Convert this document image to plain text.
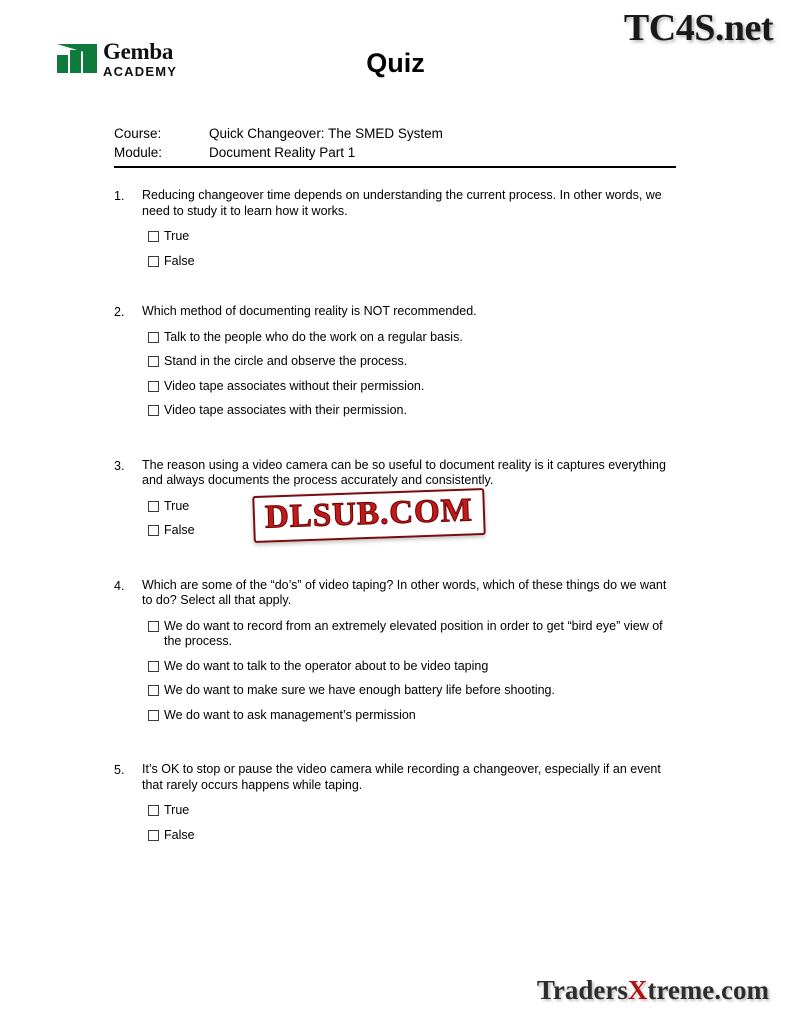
Gemba
ACADEMY	Quiz
TC4S.net
Course:	Quick Changeover: The SMED System
Module:	Document Reality Part 1
1.	Reducing changeover time depends on understanding the current process. In other words, we need to study it to learn how it works.
True
False
2.	Which method of documenting reality is NOT recommended.
Talk to the people who do the work on a regular basis.
Stand in the circle and observe the process.
Video tape associates without their permission.
Video tape associates with their permission.
3.	The reason using a video camera can be so useful to document reality is it captures everything and always documents the process accurately and consistently.
True
False
4.	Which are some of the “do’s” of video taping? In other words, which of these things do we want to do? Select all that apply.
We do want to record from an extremely elevated position in order to get “bird eye” view of the process.
We do want to talk to the operator about to be video taping
We do want to make sure we have enough battery life before shooting.
We do want to ask management’s permission
5.	It’s OK to stop or pause the video camera while recording a changeover, especially if an event that rarely occurs happens while taping.
True
False
DLSUB.COM
TradersXtreme.com
